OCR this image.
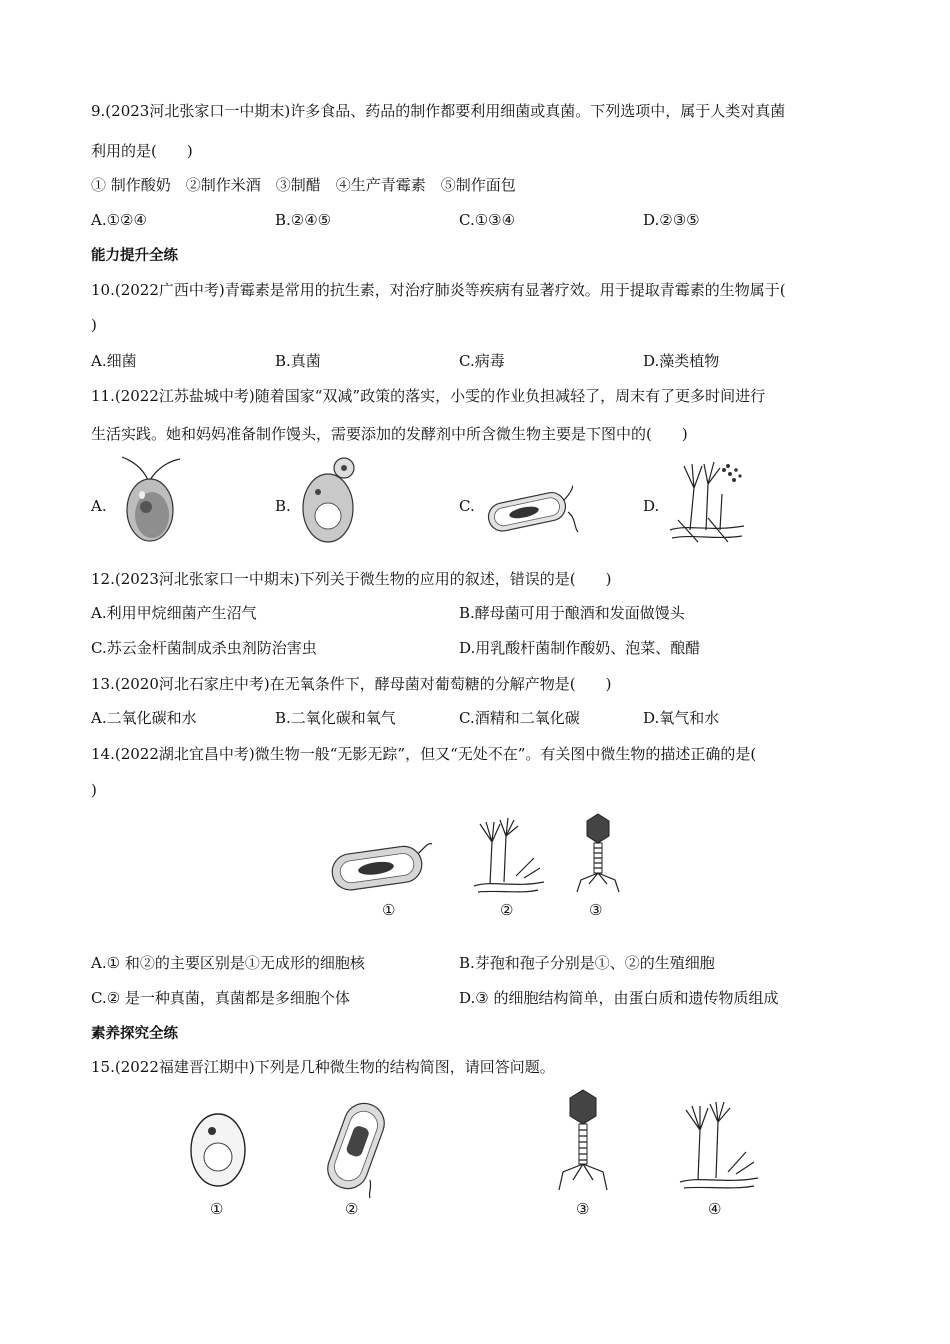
9.(2023河北张家口一中期末)许多食品、药品的制作都要利用细菌或真菌。下列选项中，属于人类对真菌
利用的是(　　)
① 制作酸奶　②制作米酒　③制醋　④生产青霉素　⑤制作面包
A.①②④	B.②④⑤	C.①③④	D.②③⑤
能力提升全练
10.(2022广西中考)青霉素是常用的抗生素，对治疗肺炎等疾病有显著疗效。用于提取青霉素的生物属于(
)
A.细菌	B.真菌	C.病毒	D.藻类植物
11.(2022江苏盐城中考)随着国家“双减”政策的落实，小雯的作业负担减轻了，周末有了更多时间进行
生活实践。她和妈妈准备制作馒头，需要添加的发酵剂中所含微生物主要是下图中的(　　)
A.	B.	C.	D.
12.(2023河北张家口一中期末)下列关于微生物的应用的叙述，错误的是(　　)
A.利用甲烷细菌产生沼气	B.酵母菌可用于酿酒和发面做馒头
C.苏云金杆菌制成杀虫剂防治害虫	D.用乳酸杆菌制作酸奶、泡菜、酿醋
13.(2020河北石家庄中考)在无氧条件下，酵母菌对葡萄糖的分解产物是(　　)
A.二氧化碳和水	B.二氧化碳和氧气	C.酒精和二氧化碳	D.氧气和水
14.(2022湖北宜昌中考)微生物一般“无影无踪”，但又“无处不在”。有关图中微生物的描述正确的是(
)
①	②	③
A.① 和②的主要区别是①无成形的细胞核	B.芽孢和孢子分别是①、②的生殖细胞
C.② 是一种真菌，真菌都是多细胞个体	D.③ 的细胞结构简单，由蛋白质和遗传物质组成
素养探究全练
15.(2022福建晋江期中)下列是几种微生物的结构简图，请回答问题。
①	②	③	④
